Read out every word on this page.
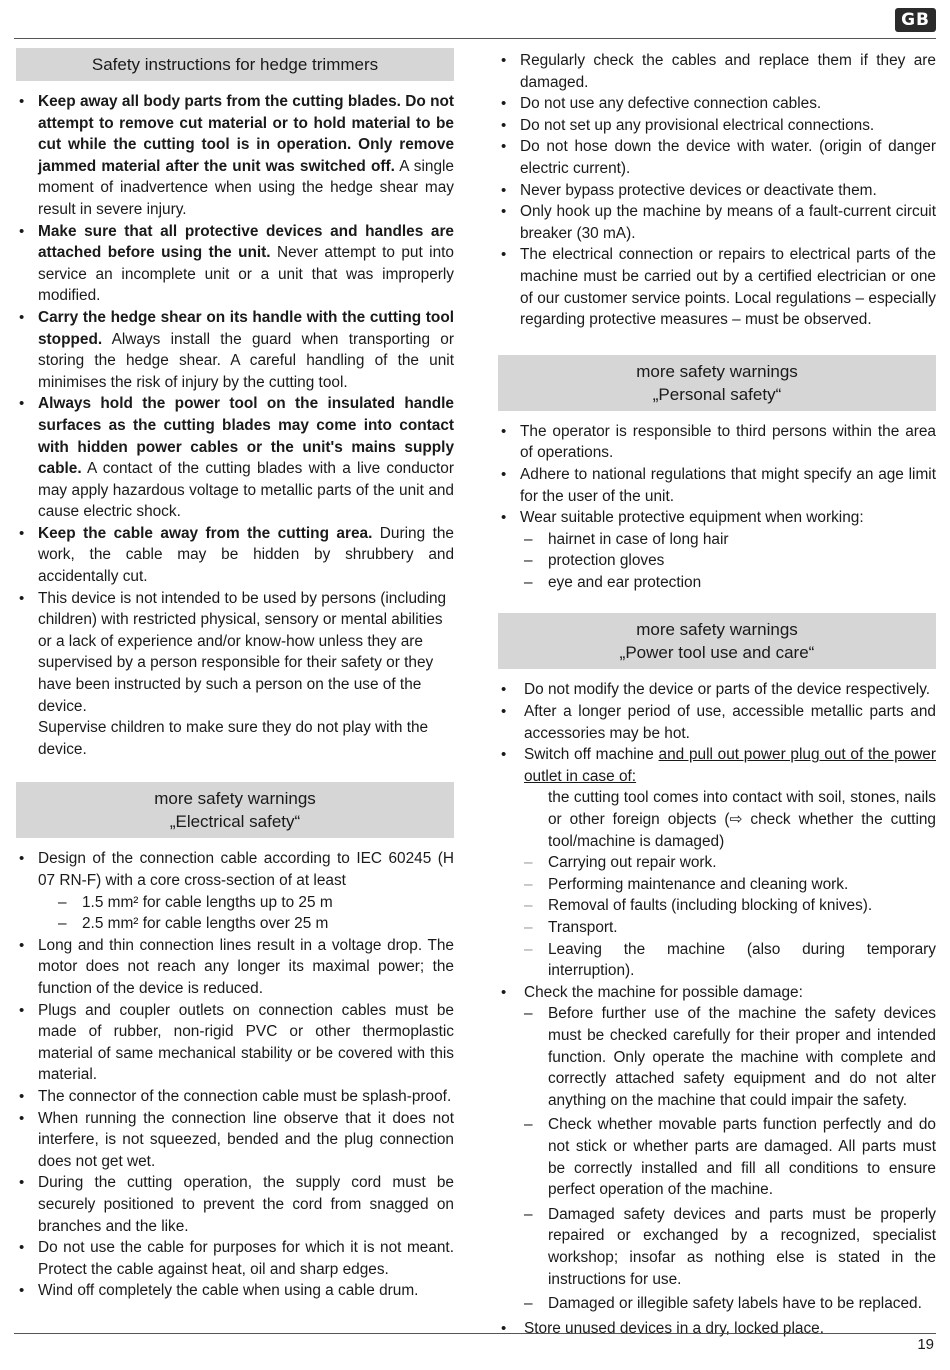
GB
Safety instructions for hedge trimmers
• Keep away all body parts from the cutting blades. Do not attempt to remove cut material or to hold material to be cut while the cutting tool is in operation. Only remove jammed material after the unit was switched off. A single moment of inadvertence when using the hedge shear may result in severe injury.
• Make sure that all protective devices and handles are attached before using the unit. Never attempt to put into service an incomplete unit or a unit that was improperly modified.
• Carry the hedge shear on its handle with the cutting tool stopped. Always install the guard when transporting or storing the hedge shear. A careful handling of the unit minimises the risk of injury by the cutting tool.
• Always hold the power tool on the insulated handle surfaces as the cutting blades may come into contact with hidden power cables or the unit's mains supply cable. A contact of the cutting blades with a live conductor may apply hazardous voltage to metallic parts of the unit and cause electric shock.
• Keep the cable away from the cutting area. During the work, the cable may be hidden by shrubbery and accidentally cut.
• This device is not intended to be used by persons (including children) with restricted physical, sensory or mental abilities or a lack of experience and/or know-how unless they are supervised by a person responsible for their safety or they have been instructed by such a person on the use of the device.
Supervise children to make sure they do not play with the device.
more safety warnings
„Electrical safety“
• Design of the connection cable according to IEC 60245 (H 07 RN-F) with a core cross-section of at least
– 1.5 mm² for cable lengths up to 25 m
– 2.5 mm² for cable lengths over 25 m
• Long and thin connection lines result in a voltage drop. The motor does not reach any longer its maximal power; the function of the device is reduced.
• Plugs and coupler outlets on connection cables must be made of rubber, non-rigid PVC or other thermoplastic material of same mechanical stability or be covered with this material.
• The connector of the connection cable must be splash-proof.
• When running the connection line observe that it does not interfere, is not squeezed, bended and the plug connection does not get wet.
• During the cutting operation, the supply cord must be securely positioned to prevent the cord from snagged on branches and the like.
• Do not use the cable for purposes for which it is not meant. Protect the cable against heat, oil and sharp edges.
• Wind off completely the cable when using a cable drum.
• Regularly check the cables and replace them if they are damaged.
• Do not use any defective connection cables.
• Do not set up any provisional electrical connections.
• Do not hose down the device with water. (origin of danger electric current).
• Never bypass protective devices or deactivate them.
• Only hook up the machine by means of a fault-current circuit breaker (30 mA).
• The electrical connection or repairs to electrical parts of the machine must be carried out by a certified electrician or one of our customer service points. Local regulations – especially regarding protective measures – must be observed.
more safety warnings
„Personal safety“
• The operator is responsible to third persons within the area of operations.
• Adhere to national regulations that might specify an age limit for the user of the unit.
• Wear suitable protective equipment when working:
– hairnet in case of long hair
– protection gloves
– eye and ear protection
more safety warnings
„Power tool use and care“
• Do not modify the device or parts of the device respectively.
• After a longer period of use, accessible metallic parts and accessories may be hot.
• Switch off machine and pull out power plug out of the power outlet in case of:
the cutting tool comes into contact with soil, stones, nails or other foreign objects (⇨ check whether the cutting tool/machine is damaged)
– Carrying out repair work.
– Performing maintenance and cleaning work.
– Removal of faults (including blocking of knives).
– Transport.
– Leaving the machine (also during temporary interruption).
• Check the machine for possible damage:
– Before further use of the machine the safety devices must be checked carefully for their proper and intended function. Only operate the machine with complete and correctly attached safety equipment and do not alter anything on the machine that could impair the safety.
– Check whether movable parts function perfectly and do not stick or whether parts are damaged. All parts must be correctly installed and fill all conditions to ensure perfect operation of the machine.
– Damaged safety devices and parts must be properly repaired or exchanged by a recognized, specialist workshop; insofar as nothing else is stated in the instructions for use.
– Damaged or illegible safety labels have to be replaced.
• Store unused devices in a dry, locked place.
19
